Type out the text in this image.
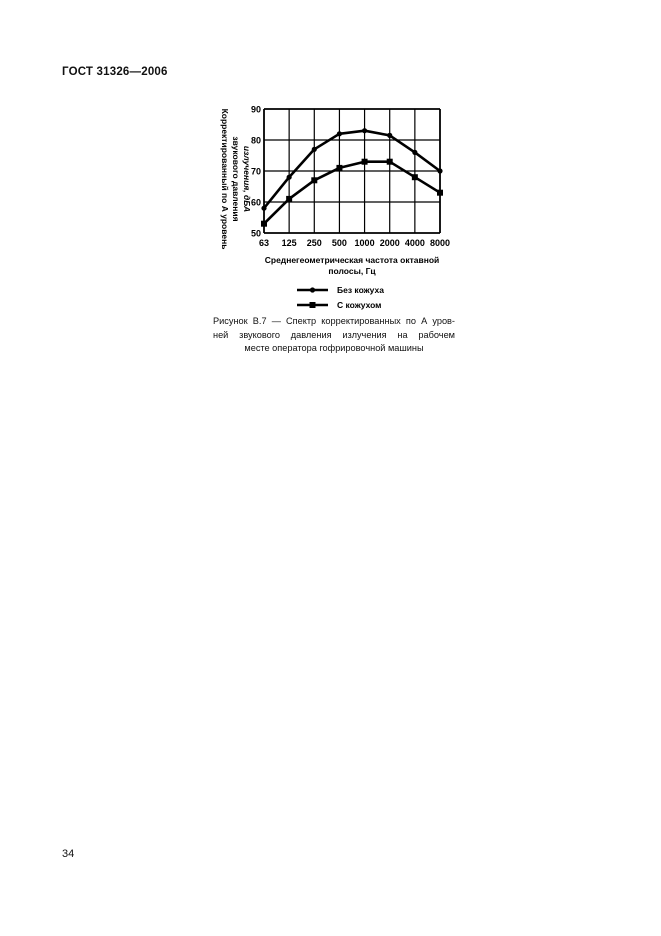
ГОСТ 31326—2006
50
60
70
80
90
63 125 250 500 1000 2000 4000 8000
Корректированный по А уровень звукового давления излучения, дБА
Среднегеометрическая частота октавной
полосы, Гц
Без кожуха
С кожухом
Рисунок В.7 — Спектр корректированных по А уров-
ней звукового давления излучения на рабочем
месте оператора гофрировочной машины
34
